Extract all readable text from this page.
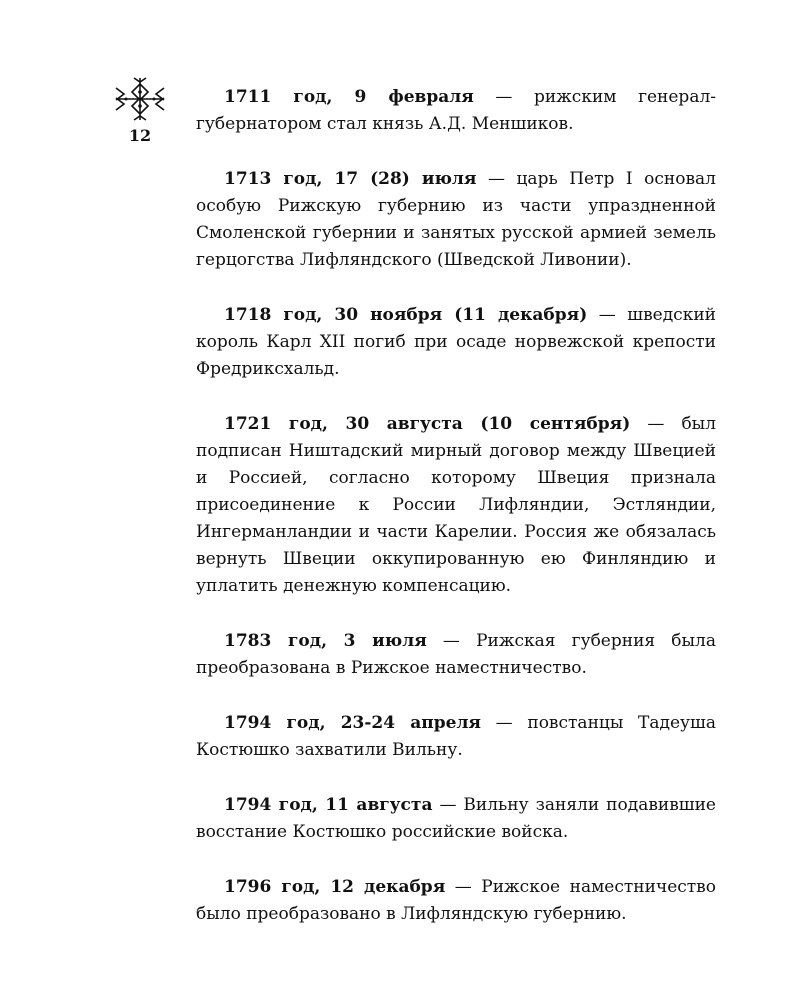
12

1711 год, 9 февраля — рижским генерал-губернатором стал князь А.Д. Меншиков.

1713 год, 17 (28) июля — царь Петр I основал особую Рижскую губернию из части упраздненной Смоленской губернии и занятых русской армией земель герцогства Лифляндского (Шведской Ливонии).

1718 год, 30 ноября (11 декабря) — шведский король Карл XII погиб при осаде норвежской крепости Фредриксхальд.

1721 год, 30 августа (10 сентября) — был подписан Ништадский мирный договор между Швецией и Россией, согласно которому Швеция признала присоединение к России Лифляндии, Эстляндии, Ингерманландии и части Карелии. Россия же обязалась вернуть Швеции оккупированную ею Финляндию и уплатить денежную компенсацию.

1783 год, 3 июля — Рижская губерния была преобразована в Рижское наместничество.

1794 год, 23-24 апреля — повстанцы Тадеуша Костюшко захватили Вильну.

1794 год, 11 августа — Вильну заняли подавившие восстание Костюшко российские войска.

1796 год, 12 декабря — Рижское наместничество было преобразовано в Лифляндскую губернию.
